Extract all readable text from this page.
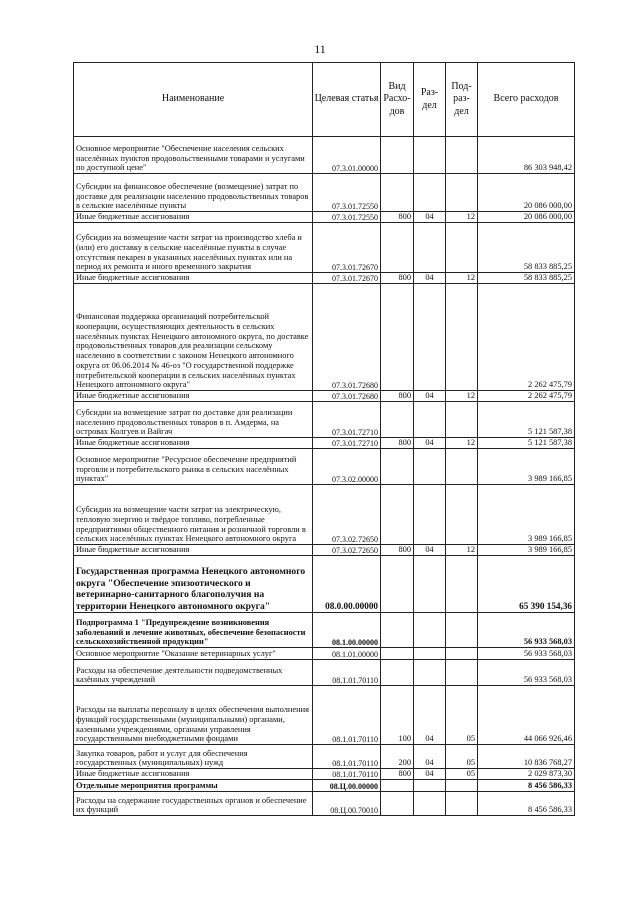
11
Наименование	Целевая статья	Вид Расхо-дов	Раз-дел	Под-раз-дел	Всего расходов
Основное мероприятие "Обеспечение населения сельских населённых пунктов продовольственными товарами и услугами по доступной цене"	07.3.01.00000				86 303 948,42
Субсидии на финансовое обеспечение (возмещение) затрат по доставке для реализации населению продовольственных товаров в сельские населённые пункты	07.3.01.72550				20 086 000,00
Иные бюджетные ассигнования	07.3.01.72550	800	04	12	20 086 000,00
Субсидии на возмещение части затрат на производство хлеба и (или) его доставку в сельские населённые пункты в случае отсутствия пекарен в указанных населённых пунктах или на период их ремонта и иного временного закрытия	07.3.01.72670				58 833 885,25
Иные бюджетные ассигнования	07.3.01.72670	800	04	12	58 833 885,25
Финансовая поддержка организаций потребительской кооперации, осуществляющих деятельность в сельских населённых пунктах Ненецкого автономного округа, по доставке продовольственных товаров для реализации сельскому населению в соответствии с законом Ненецкого автономного округа от 06.06.2014 № 46-оз "О государственной поддержке потребительской кооперации в сельских населённых пунктах Ненецкого автономного округа"	07.3.01.72680				2 262 475,79
Иные бюджетные ассигнования	07.3.01.72680	800	04	12	2 262 475,79
Субсидии на возмещение затрат по доставке для реализации населению продовольственных товаров в п. Амдерма, на островах Колгуев и Вайгач	07.3.01.72710				5 121 587,38
Иные бюджетные ассигнования	07.3.01.72710	800	04	12	5 121 587,38
Основное мероприятие "Ресурсное обеспечение предприятий торговли и потребительского рынка в сельских населённых пунктах"	07.3.02.00000				3 989 166,85
Субсидии на возмещение части затрат на электрическую, тепловую энергию и твёрдое топливо, потребленные предприятиями общественного питания и розничной торговли в сельских населённых пунктах Ненецкого автономного округа	07.3.02.72650				3 989 166,85
Иные бюджетные ассигнования	07.3.02.72650	800	04	12	3 989 166,85
Государственная программа Ненецкого автономного округа "Обеспечение эпизоотического и ветеринарно-санитарного благополучия на территории Ненецкого автономного округа"	08.0.00.00000				65 390 154,36
Подпрограмма 1 "Предупреждение возникновения заболеваний и лечение животных, обеспечение безопасности сельскохозяйственной продукции"	08.1.00.00000				56 933 568,03
Основное мероприятие "Оказание ветеринарных услуг"	08.1.01.00000				56 933 568,03
Расходы на обеспечение деятельности подведомственных казённых учреждений	08.1.01.70110				56 933 568,03
Расходы на выплаты персоналу в целях обеспечения выполнения функций государственными (муниципальными) органами, казенными учреждениями, органами управления государственными внебюджетными фондами	08.1.01.70110	100	04	05	44 066 926,46
Закупка товаров, работ и услуг для обеспечения государственных (муниципальных) нужд	08.1.01.70110	200	04	05	10 836 768,27
Иные бюджетные ассигнования	08.1.01.70110	800	04	05	2 029 873,30
Отдельные мероприятия программы	08.Ц.00.00000				8 456 586,33
Расходы на содержание государственных органов и обеспечение их функций	08.Ц.00.70010				8 456 586,33
